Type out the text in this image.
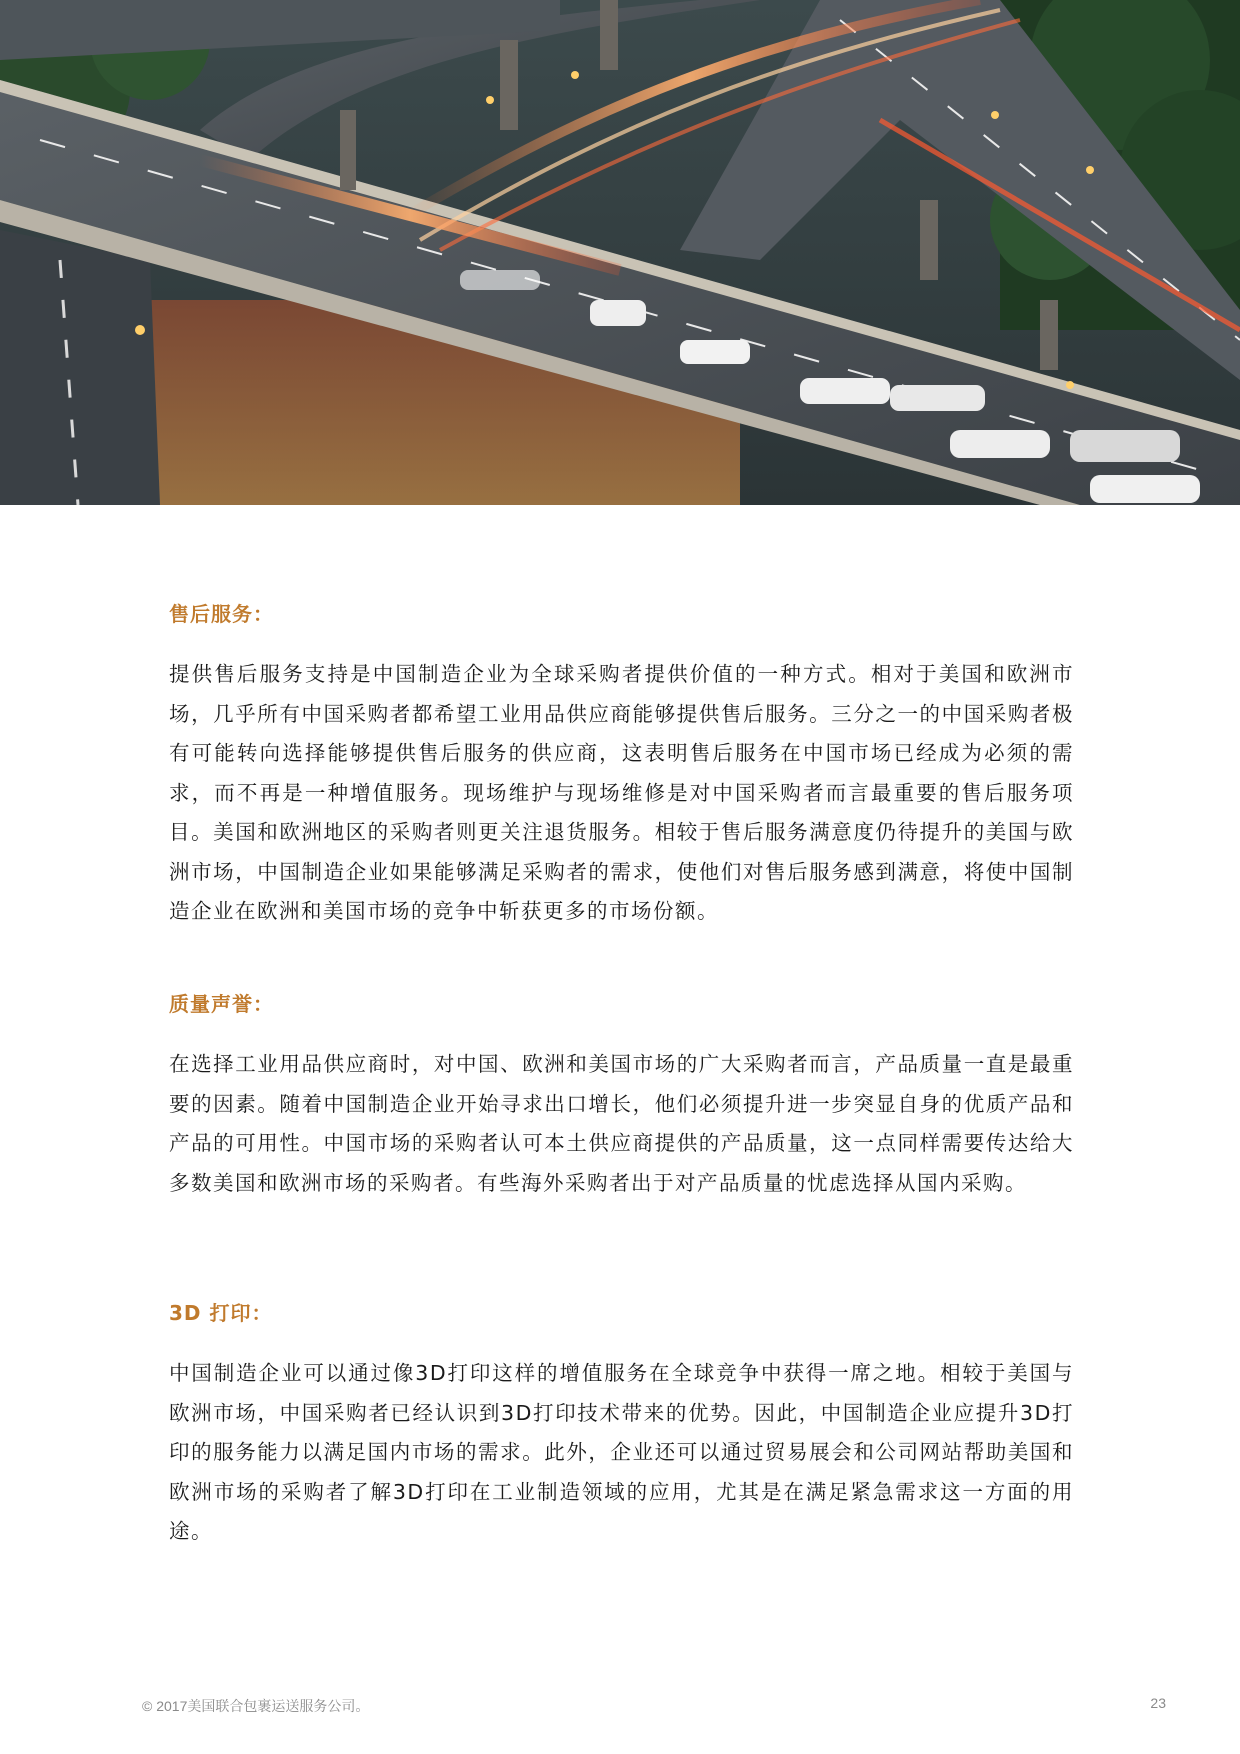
售后服务：

提供售后服务支持是中国制造企业为全球采购者提供价值的一种方式。相对于美国和欧洲市场，几乎所有中国采购者都希望工业用品供应商能够提供售后服务。三分之一的中国采购者极有可能转向选择能够提供售后服务的供应商，这表明售后服务在中国市场已经成为必须的需求，而不再是一种增值服务。现场维护与现场维修是对中国采购者而言最重要的售后服务项目。美国和欧洲地区的采购者则更关注退货服务。相较于售后服务满意度仍待提升的美国与欧洲市场，中国制造企业如果能够满足采购者的需求，使他们对售后服务感到满意，将使中国制造企业在欧洲和美国市场的竞争中斩获更多的市场份额。

质量声誉：

在选择工业用品供应商时，对中国、欧洲和美国市场的广大采购者而言，产品质量一直是最重要的因素。随着中国制造企业开始寻求出口增长，他们必须提升进一步突显自身的优质产品和产品的可用性。中国市场的采购者认可本土供应商提供的产品质量，这一点同样需要传达给大多数美国和欧洲市场的采购者。有些海外采购者出于对产品质量的忧虑选择从国内采购。

3D 打印：

中国制造企业可以通过像3D打印这样的增值服务在全球竞争中获得一席之地。相较于美国与欧洲市场，中国采购者已经认识到3D打印技术带来的优势。因此，中国制造企业应提升3D打印的服务能力以满足国内市场的需求。此外，企业还可以通过贸易展会和公司网站帮助美国和欧洲市场的采购者了解3D打印在工业制造领域的应用，尤其是在满足紧急需求这一方面的用途。

© 2017美国联合包裹运送服务公司。	23
